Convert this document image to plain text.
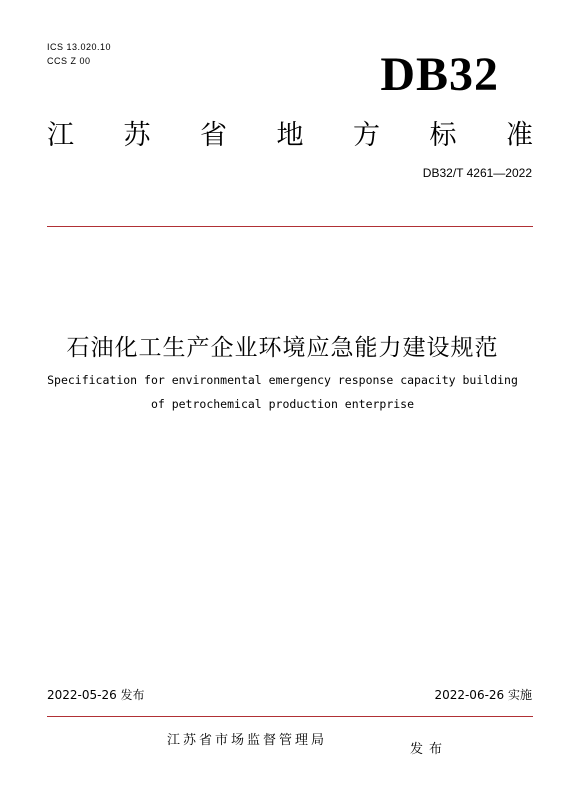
ICS 13.020.10
CCS Z 00	DB32
江 苏 省 地 方 标 准
DB32/T 4261—2022
石油化工生产企业环境应急能力建设规范
Specification for environmental emergency response capacity building
of petrochemical production enterprise
2022-05-26 发布	2022-06-26 实施
江苏省市场监督管理局
发布
